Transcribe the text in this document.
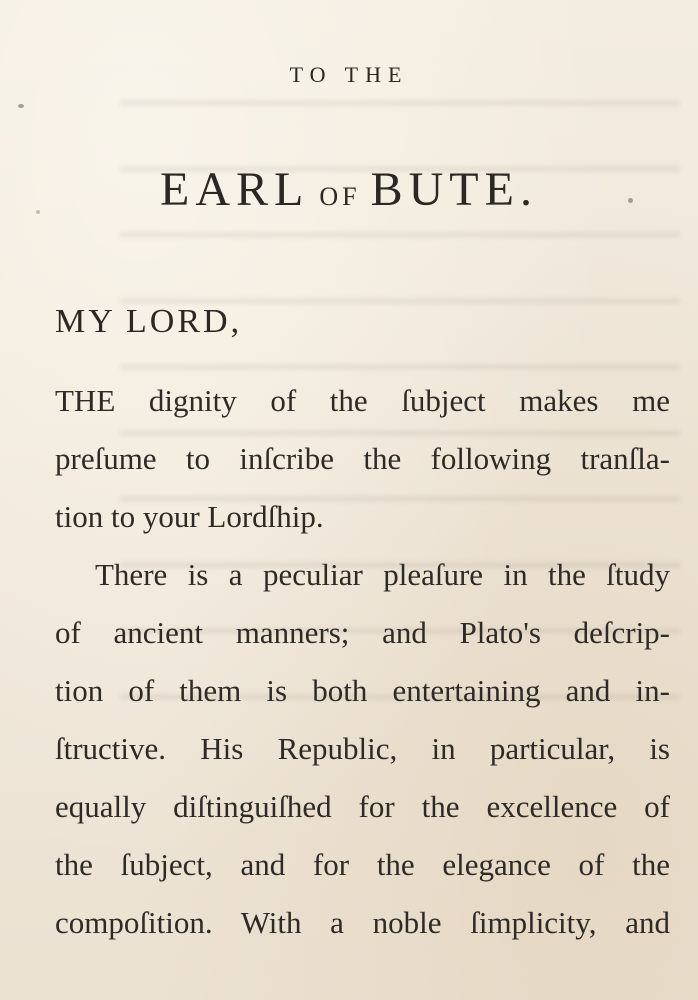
TO THE
EARL OF BUTE.
MY LORD,
THE dignity of the ſubject makes me
preſume to inſcribe the following tranſla-
tion to your Lordſhip.
There is a peculiar pleaſure in the ſtudy
of ancient manners; and Plato's deſcrip-
tion of them is both entertaining and in-
ſtructive. His Republic, in particular, is
equally diſtinguiſhed for the excellence of
the ſubject, and for the elegance of the
compoſition. With a noble ſimplicity, and
